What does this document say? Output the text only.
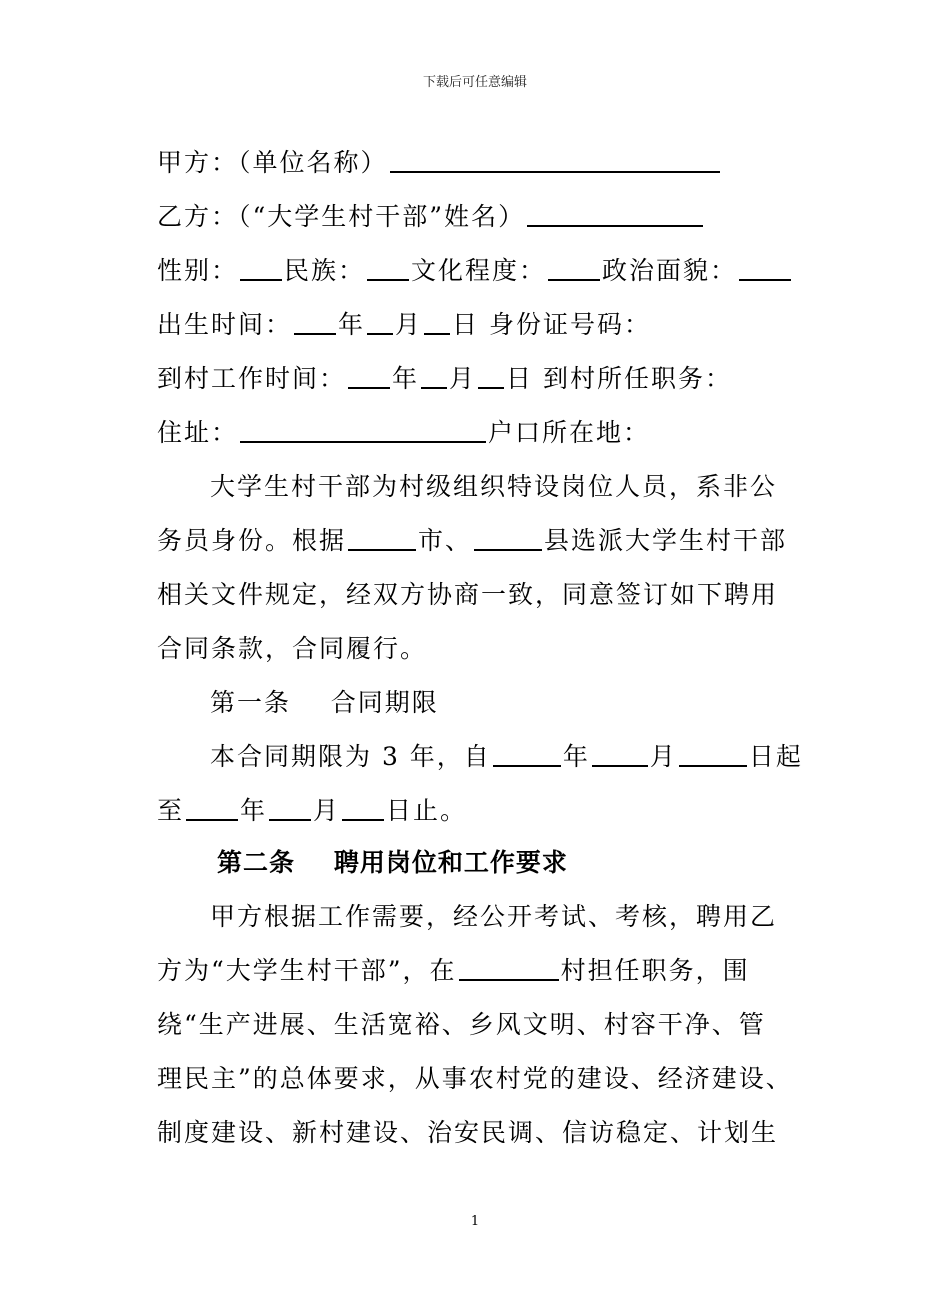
下载后可任意编辑
甲方：（单位名称）
乙方：（“大学生村干部”姓名）
性别： 民族： 文化程度： 政治面貌：
出生时间： 年 月 日 身份证号码：
到村工作时间： 年 月 日 到村所任职务：
住址：	户口所在地：
大学生村干部为村级组织特设岗位人员，系非公
务员身份。根据	市、	县选派大学生村干部
相关文件规定，经双方协商一致，同意签订如下聘用
合同条款，合同履行。
第一条    合同期限
本合同期限为 3 年，自	年 月	日起
至 年 月 日止。
第二条    聘用岗位和工作要求
甲方根据工作需要，经公开考试、考核，聘用乙
方为“大学生村干部”，在	村担任职务，围
绕“生产进展、生活宽裕、乡风文明、村容干净、管
理民主”的总体要求，从事农村党的建设、经济建设、
制度建设、新村建设、治安民调、信访稳定、计划生
1
